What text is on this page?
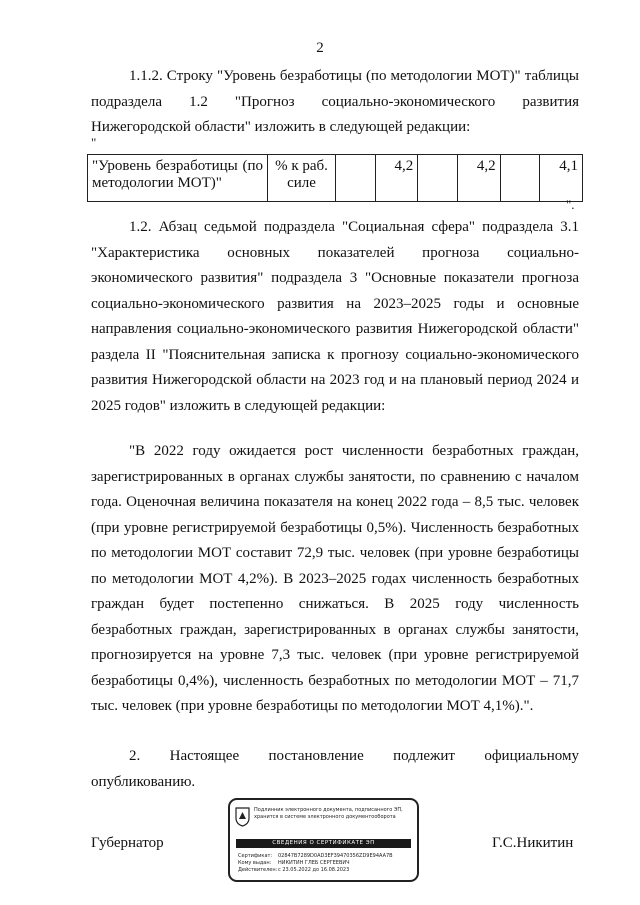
2
1.1.2. Строку "Уровень безработицы (по методологии МОТ)" таблицы подраздела 1.2 "Прогноз социально-экономического развития Нижегородской области" изложить в следующей редакции:
"
"Уровень безработицы (по методологии МОТ)"	% к раб. силе		4,2		4,2		4,1
".
1.2. Абзац седьмой подраздела "Социальная сфера" подраздела 3.1 "Характеристика основных показателей прогноза социально-экономического развития" подраздела 3 "Основные показатели прогноза социально-экономического развития на 2023–2025 годы и основные направления социально-экономического развития Нижегородской области" раздела II "Пояснительная записка к прогнозу социально-экономического развития Нижегородской области на 2023 год и на плановый период 2024 и 2025 годов" изложить в следующей редакции:
"В 2022 году ожидается рост численности безработных граждан, зарегистрированных в органах службы занятости, по сравнению с началом года. Оценочная величина показателя на конец 2022 года – 8,5 тыс. человек (при уровне регистрируемой безработицы 0,5%). Численность безработных по методологии МОТ составит 72,9 тыс. человек (при уровне безработицы по методологии МОТ 4,2%). В 2023–2025 годах численность безработных граждан будет постепенно снижаться. В 2025 году численность безработных граждан, зарегистрированных в органах службы занятости, прогнозируется на уровне 7,3 тыс. человек (при уровне регистрируемой безработицы 0,4%), численность безработных по методологии МОТ – 71,7 тыс. человек (при уровне безработицы по методологии МОТ 4,1%).".
2. Настоящее постановление подлежит официальному
опубликованию.
Губернатор
Подлинник электронного документа, подписанного ЭП,
хранится в системе электронного документооборота
СВЕДЕНИЯ О СЕРТИФИКАТЕ ЭП
Сертификат: 02847B7289D0AD3EF39470356ZD9E94AA7B
Кому выдан: НИКИТИН ГЛЕБ СЕРГЕЕВИЧ
Действителен:с 23.05.2022 до 16.08.2023
Г.С.Никитин
